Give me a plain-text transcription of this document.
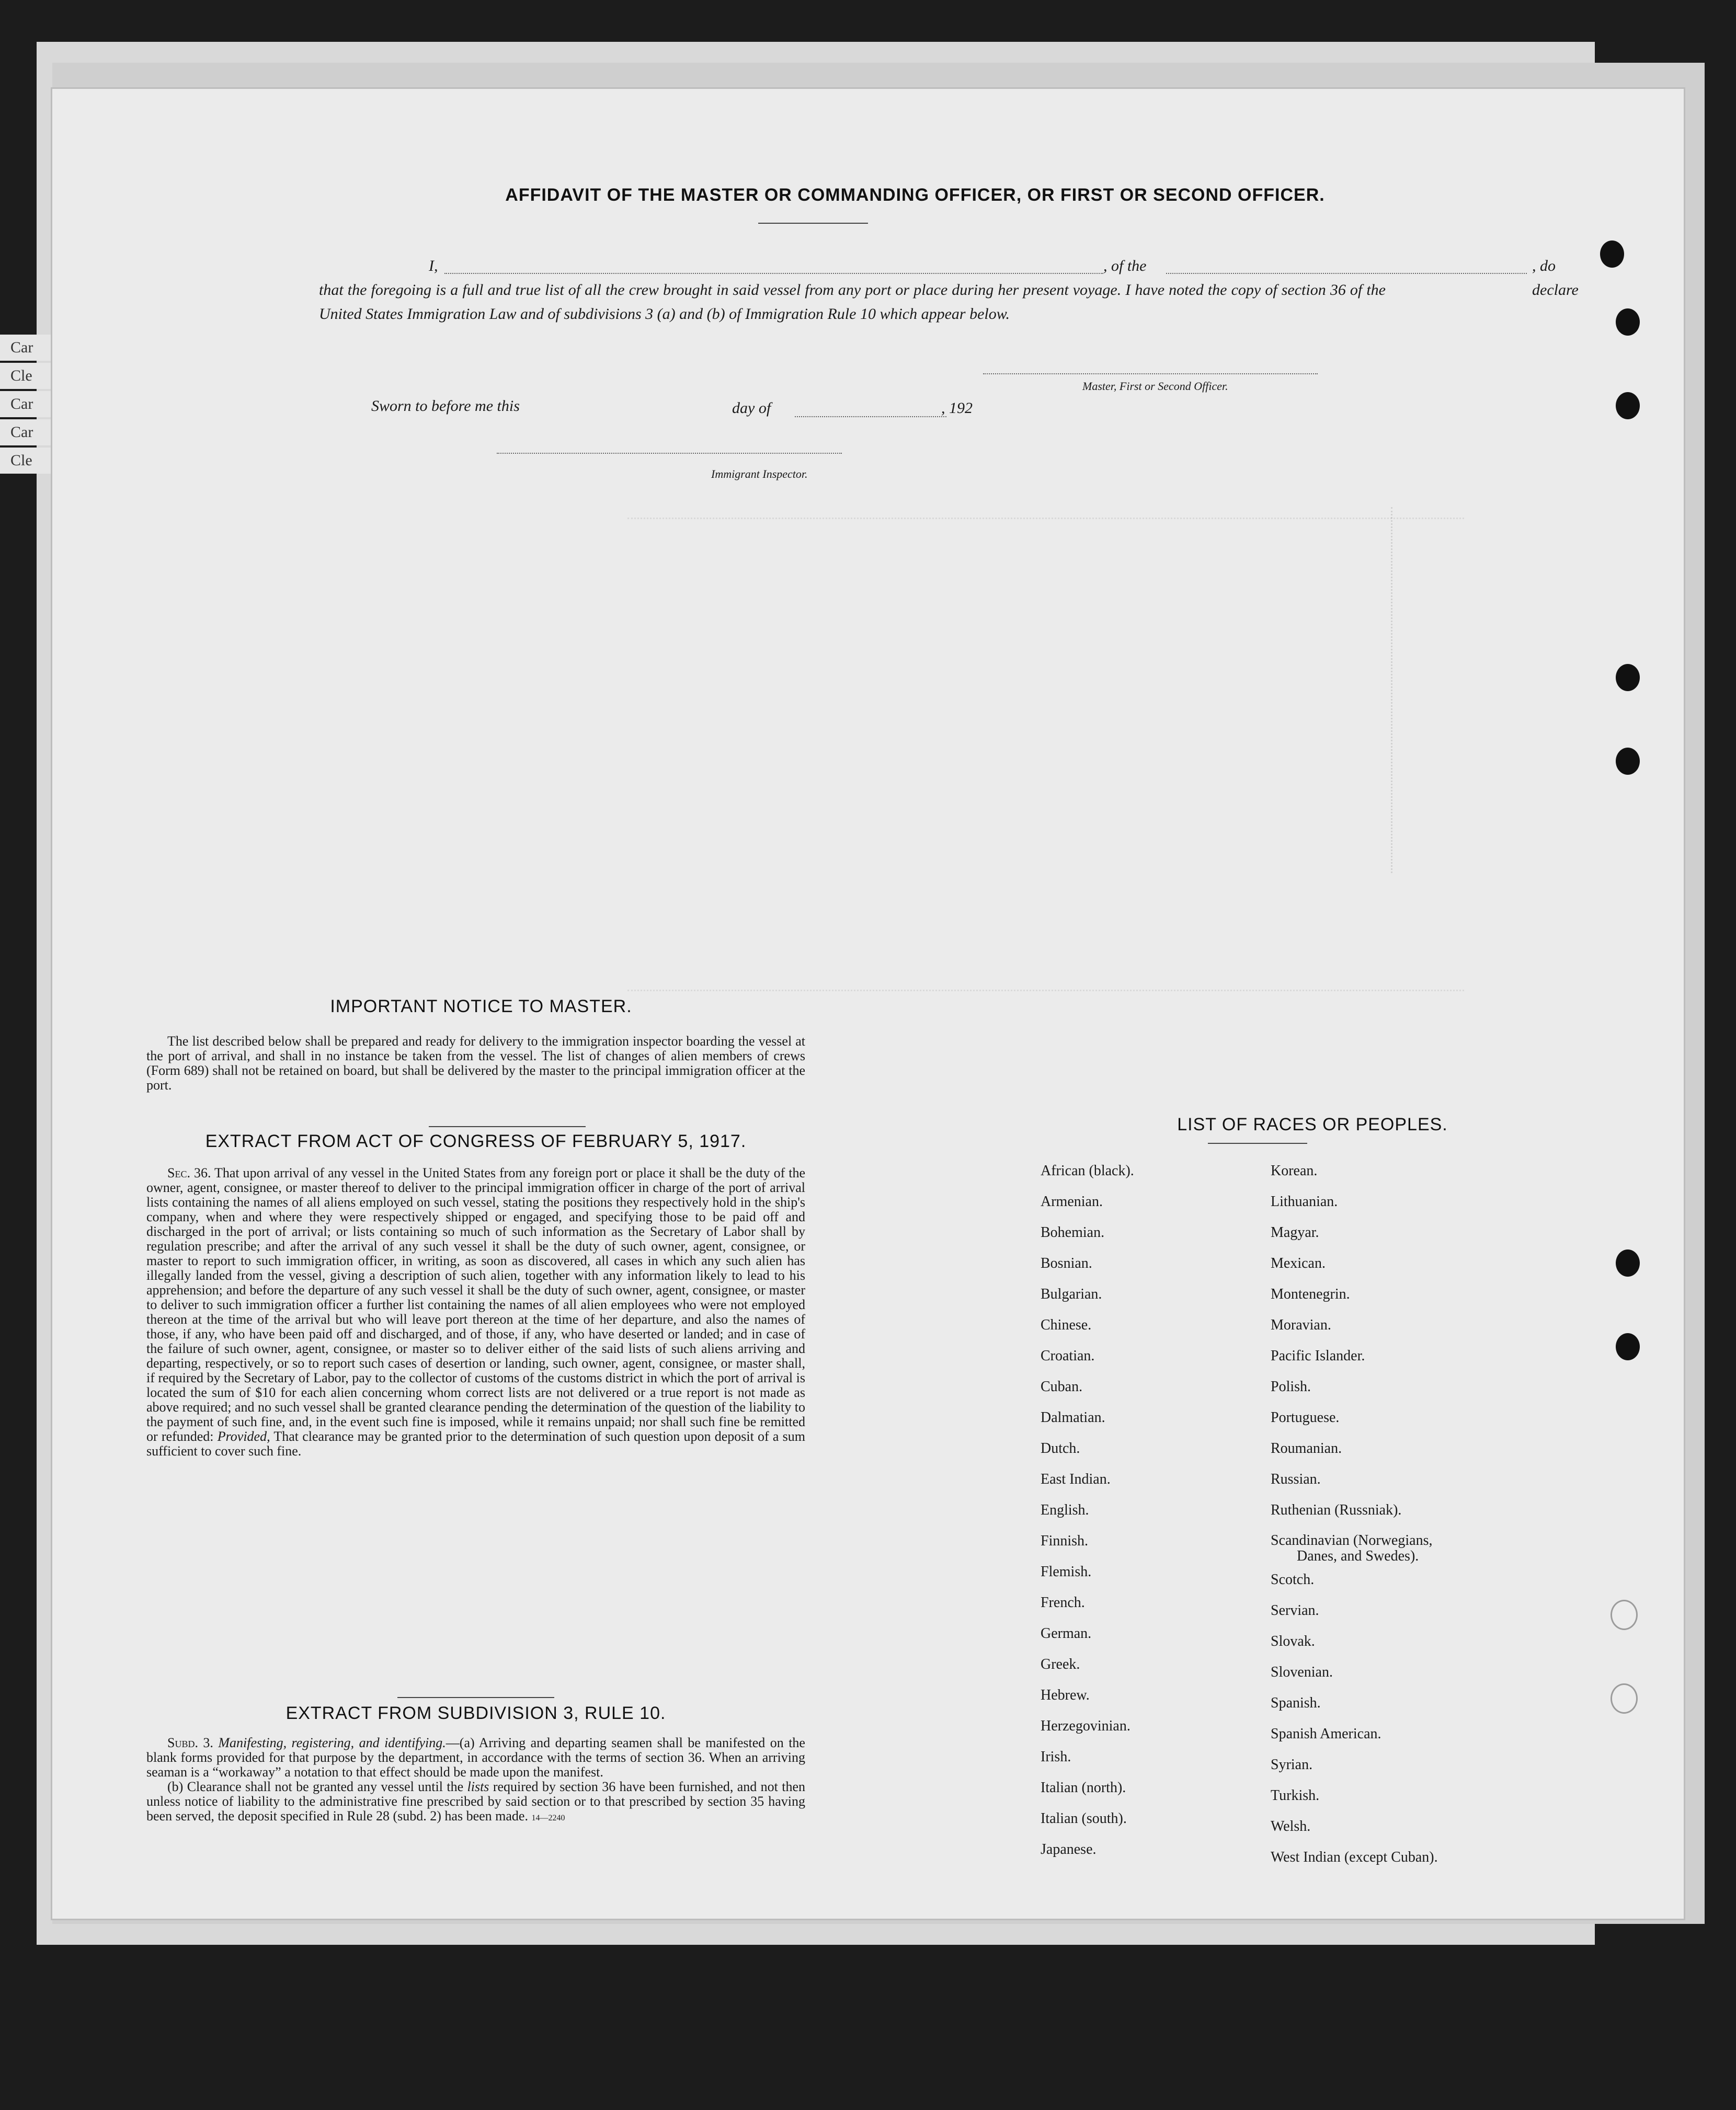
Car
Cle
Car
Car
Cle
AFFIDAVIT OF THE MASTER OR COMMANDING OFFICER, OR FIRST OR SECOND OFFICER.
I,	, of the	, do declare
that the foregoing is a full and true list of all the crew brought in said vessel from any port or place during her present voyage. I have noted the copy of section 36 of the United States Immigration Law and of subdivisions 3 (a) and (b) of Immigration Rule 10 which appear below.
Master, First or Second Officer.
Sworn to before me this	day of	, 192
Immigrant Inspector.
IMPORTANT NOTICE TO MASTER.

The list described below shall be prepared and ready for delivery to the immigration inspector boarding the vessel at the port of arrival, and shall in no instance be taken from the vessel. The list of changes of alien members of crews (Form 689) shall not be retained on board, but shall be delivered by the master to the principal immigration officer at the port.

EXTRACT FROM ACT OF CONGRESS OF FEBRUARY 5, 1917.

Sec. 36. That upon arrival of any vessel in the United States from any foreign port or place it shall be the duty of the owner, agent, consignee, or master thereof to deliver to the principal immigration officer in charge of the port of arrival lists containing the names of all aliens employed on such vessel, stating the positions they respectively hold in the ship's company, when and where they were respectively shipped or engaged, and specifying those to be paid off and discharged in the port of arrival; or lists containing so much of such information as the Secretary of Labor shall by regulation prescribe; and after the arrival of any such vessel it shall be the duty of such owner, agent, consignee, or master to report to such immigration officer, in writing, as soon as discovered, all cases in which any such alien has illegally landed from the vessel, giving a description of such alien, together with any information likely to lead to his apprehension; and before the departure of any such vessel it shall be the duty of such owner, agent, consignee, or master to deliver to such immigration officer a further list containing the names of all alien employees who were not employed thereon at the time of the arrival but who will leave port thereon at the time of her departure, and also the names of those, if any, who have been paid off and discharged, and of those, if any, who have deserted or landed; and in case of the failure of such owner, agent, consignee, or master so to deliver either of the said lists of such aliens arriving and departing, respectively, or so to report such cases of desertion or landing, such owner, agent, consignee, or master shall, if required by the Secretary of Labor, pay to the collector of customs of the customs district in which the port of arrival is located the sum of $10 for each alien concerning whom correct lists are not delivered or a true report is not made as above required; and no such vessel shall be granted clearance pending the determination of the question of the liability to the payment of such fine, and, in the event such fine is imposed, while it remains unpaid; nor shall such fine be remitted or refunded: Provided, That clearance may be granted prior to the determination of such question upon deposit of a sum sufficient to cover such fine.

EXTRACT FROM SUBDIVISION 3, RULE 10.

Subd. 3. Manifesting, registering, and identifying.—(a) Arriving and departing seamen shall be manifested on the blank forms provided for that purpose by the department, in accordance with the terms of section 36. When an arriving seaman is a “workaway” a notation to that effect should be made upon the manifest.

(b) Clearance shall not be granted any vessel until the lists required by section 36 have been furnished, and not then unless notice of liability to the administrative fine prescribed by said section or to that prescribed by section 35 having been served, the deposit specified in Rule 28 (subd. 2) has been made. 14—2240

LIST OF RACES OR PEOPLES.
African (black).
Armenian.
Bohemian.
Bosnian.
Bulgarian.
Chinese.
Croatian.
Cuban.
Dalmatian.
Dutch.
East Indian.
English.
Finnish.
Flemish.
French.
German.
Greek.
Hebrew.
Herzegovinian.
Irish.
Italian (north).
Italian (south).
Japanese.
Korean.
Lithuanian.
Magyar.
Mexican.
Montenegrin.
Moravian.
Pacific Islander.
Polish.
Portuguese.
Roumanian.
Russian.
Ruthenian (Russniak).
Scandinavian (Norwegians,
Danes, and Swedes).
Scotch.
Servian.
Slovak.
Slovenian.
Spanish.
Spanish American.
Syrian.
Turkish.
Welsh.
West Indian (except Cuban).
